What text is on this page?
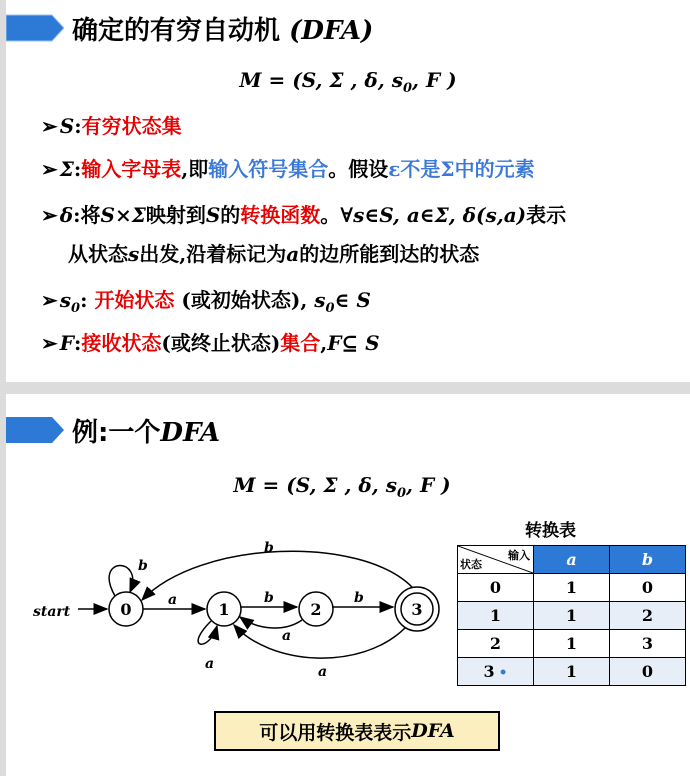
确定的有穷自动机 (DFA)
M = (S, Σ , δ, $s_0$, F )
➢ S:有穷状态集
➢ Σ:输入字母表,即输入符号集合。假设ε不是Σ中的元素
➢ δ:将S×Σ映射到S的转换函数。∀s∈S, a∈Σ, δ(s,a)表示
从状态s出发,沿着标记为a的边所能到达的状态
➢ $s_0$: 开始状态 (或初始状态), $s_0\in$ S
➢ F:接收状态(或终止状态)集合,F⊆ S
例:一个DFA
M = (S, Σ , δ, $s_0$, F )
start	0	1	2	3
b
a	b	b
b
a
a	a
转换表
输入
状态	a	b
0	1	0
1	1	2
2	1	3
3 •	1	0
可以用转换表表示 DFA
